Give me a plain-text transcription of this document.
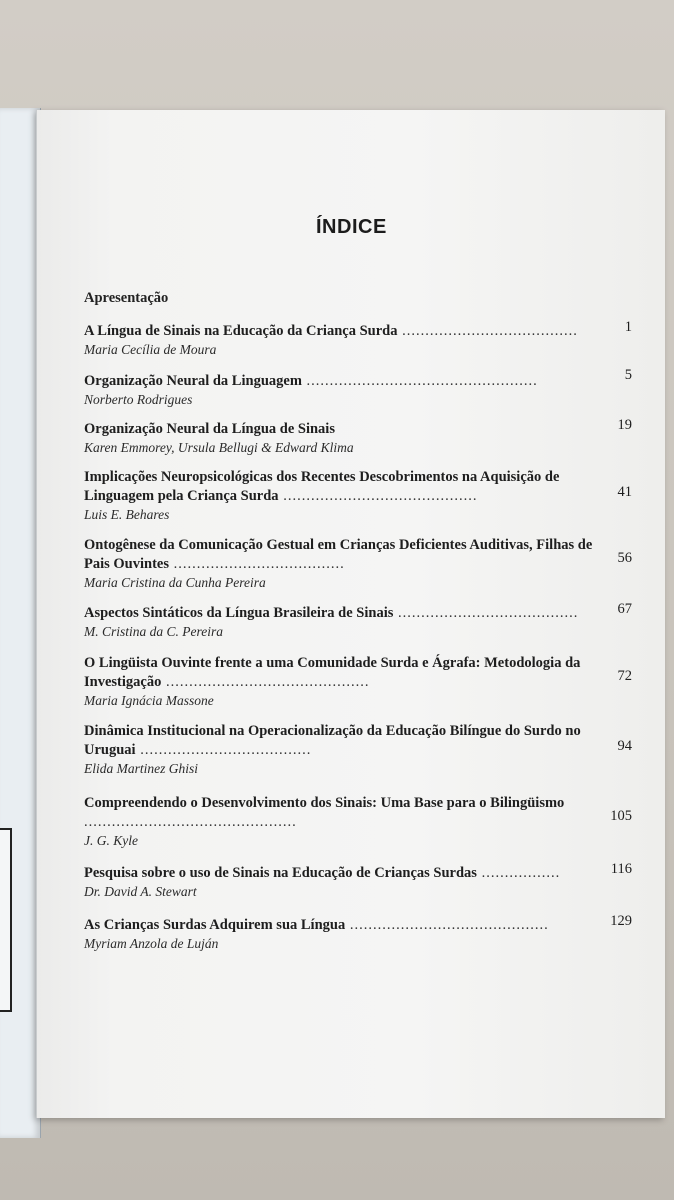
ÍNDICE
Apresentação
A Língua de Sinais na Educação da Criança Surda ......................................
Maria Cecília de Moura
1
Organização Neural da Linguagem ..................................................
Norberto Rodrigues
5
Organização Neural da Língua de Sinais
Karen Emmorey, Ursula Bellugi & Edward Klima
19
Implicações Neuropsicológicas dos Recentes Descobrimentos na Aquisição de Linguagem pela Criança Surda ..........................................
Luis E. Behares
41
Ontogênese da Comunicação Gestual em Crianças Deficientes Auditivas, Filhas de Pais Ouvintes .....................................
Maria Cristina da Cunha Pereira
56
Aspectos Sintáticos da Língua Brasileira de Sinais .......................................
M. Cristina da C. Pereira
67
O Lingüista Ouvinte frente a uma Comunidade Surda e Ágrafa: Metodologia da Investigação ............................................
Maria Ignácia Massone
72
Dinâmica Institucional na Operacionalização da Educação Bilíngue do Surdo no Uruguai .....................................
Elida Martinez Ghisi
94
Compreendendo o Desenvolvimento dos Sinais: Uma Base para o Bilingüismo ..............................................
J. G. Kyle
105
Pesquisa sobre o uso de Sinais na Educação de Crianças Surdas .................
Dr. David A. Stewart
116
As Crianças Surdas Adquirem sua Língua ...........................................
Myriam Anzola de Luján
129
